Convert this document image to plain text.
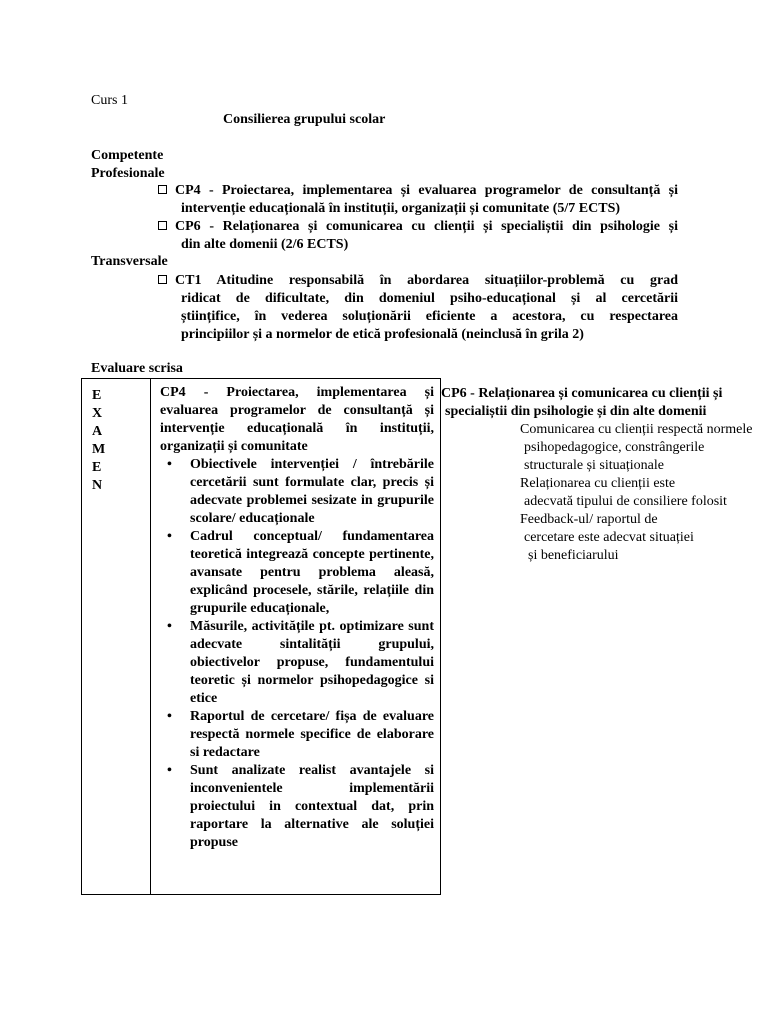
Curs 1
Consilierea grupului scolar
Competente
Profesionale
CP4 - Proiectarea, implementarea și evaluarea programelor de consultanță și
intervenție educațională în instituții, organizații și comunitate (5/7 ECTS)
CP6 - Relaționarea și comunicarea cu clienții și specialiștii din psihologie și
din alte domenii (2/6 ECTS)
Transversale
CT1 Atitudine responsabilă în abordarea situațiilor-problemă cu grad
ridicat de dificultate, din domeniul psiho-educațional și al cercetării
științifice, în vederea soluționării eficiente a acestora, cu respectarea
principiilor și a normelor de etică profesională (neinclusă în grila 2)
Evaluare scrisa
E
X
A
M
E
N
CP4 - Proiectarea, implementarea și
evaluarea programelor de consultanță și
intervenție educațională în instituții,
organizații și comunitate
• Obiectivele intervenției / întrebările cercetării sunt formulate clar, precis și adecvate problemei sesizate in grupurile scolare/ educaționale
• Cadrul conceptual/ fundamentarea teoretică integrează concepte pertinente, avansate pentru problema aleasă, explicând procesele, stările, relațiile din grupurile educaționale,
• Măsurile, activitățile pt. optimizare sunt adecvate sintalității grupului, obiectivelor propuse, fundamentului teoretic și normelor psihopedagogice si etice
• Raportul de cercetare/ fișa de evaluare respectă normele specifice de elaborare si redactare
• Sunt analizate realist avantajele si inconvenientele implementării proiectului in contextual dat, prin raportare la alternative ale soluției propuse
CP6 - Relaționarea și comunicarea cu clienții și
specialiștii din psihologie și din alte domenii
• Comunicarea cu clienții respectă normele
psihopedagogice, constrângerile
structurale și situaționale
• Relaționarea cu clienții este
adecvată tipului de consiliere folosit
• Feedback-ul/ raportul de
cercetare este adecvat situației
și beneficiarului
